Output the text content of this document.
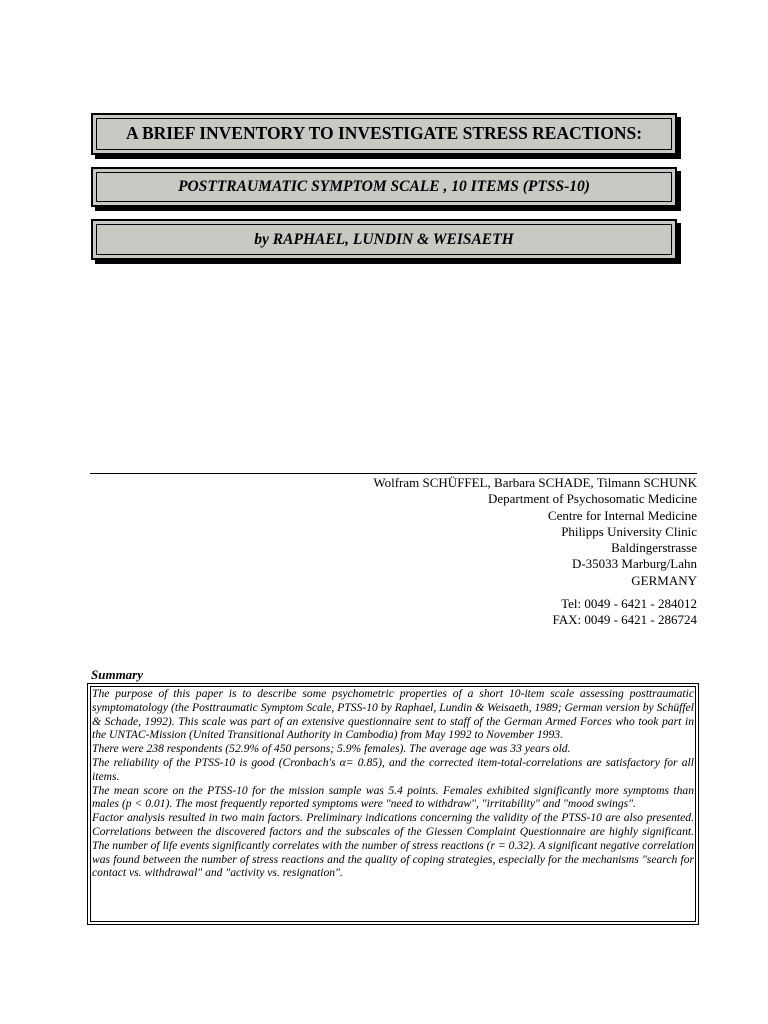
A BRIEF INVENTORY TO INVESTIGATE STRESS REACTIONS:
POSTTRAUMATIC SYMPTOM SCALE , 10 ITEMS (PTSS-10)
by RAPHAEL, LUNDIN & WEISAETH
Wolfram SCHÜFFEL, Barbara SCHADE, Tilmann SCHUNK
Department of Psychosomatic Medicine
Centre for Internal Medicine
Philipps University Clinic
Baldingerstrasse
D-35033 Marburg/Lahn
GERMANY
Tel: 0049 - 6421 - 284012
FAX: 0049 - 6421 - 286724
Summary

The purpose of this paper is to describe some psychometric properties of a short 10-item scale assessing posttraumatic symptomatology (the Posttraumatic Symptom Scale, PTSS-10 by Raphael, Lundin & Weisaeth, 1989; German version by Schüffel & Schade, 1992). This scale was part of an extensive questionnaire sent to staff of the German Armed Forces who took part in the UNTAC-Mission (United Transitional Authority in Cambodia) from May 1992 to November 1993.

There were 238 respondents (52.9% of 450 persons; 5.9% females). The average age was 33 years old.

The reliability of the PTSS-10 is good (Cronbach's α= 0.85), and the corrected item-total-correlations are satisfactory for all items.

The mean score on the PTSS-10 for the mission sample was 5.4 points. Females exhibited significantly more symptoms than males (p < 0.01). The most frequently reported symptoms were "need to withdraw", "irritability" and "mood swings".

Factor analysis resulted in two main factors. Preliminary indications concerning the validity of the PTSS-10 are also presented. Correlations between the discovered factors and the subscales of the Giessen Complaint Questionnaire are highly significant. The number of life events significantly correlates with the number of stress reactions (r = 0.32). A significant negative correlation was found between the number of stress reactions and the quality of coping strategies, especially for the mechanisms "search for contact vs. withdrawal" and "activity vs. resignation".
